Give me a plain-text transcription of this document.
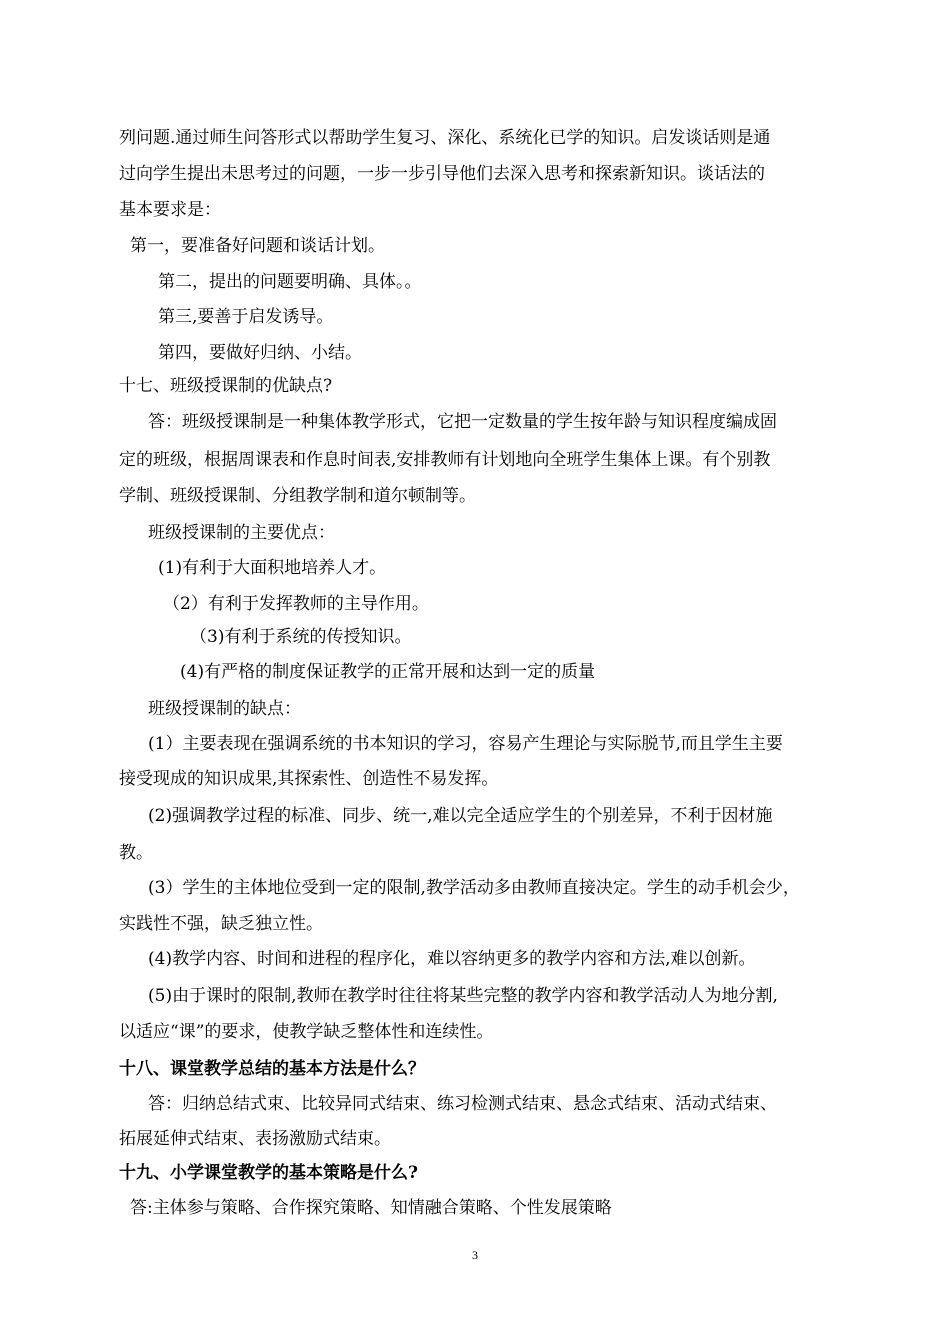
列问题.通过师生问答形式以帮助学生复习、深化、系统化已学的知识。启发谈话则是通
过向学生提出未思考过的问题，一步一步引导他们去深入思考和探索新知识。谈话法的
基本要求是：
第一，要准备好问题和谈话计划。
第二，提出的问题要明确、具体。。
第三,要善于启发诱导。
第四，要做好归纳、小结。
十七、班级授课制的优缺点?
答：班级授课制是一种集体教学形式，它把一定数量的学生按年龄与知识程度编成固
定的班级，根据周课表和作息时间表,安排教师有计划地向全班学生集体上课。有个别教
学制、班级授课制、分组教学制和道尔顿制等。
班级授课制的主要优点：
(1)有利于大面积地培养人才。
（2）有利于发挥教师的主导作用。
（3)有利于系统的传授知识。
(4)有严格的制度保证教学的正常开展和达到一定的质量
班级授课制的缺点：
(1）主要表现在强调系统的书本知识的学习，容易产生理论与实际脱节,而且学生主要
接受现成的知识成果,其探索性、创造性不易发挥。
(2)强调教学过程的标准、同步、统一,难以完全适应学生的个别差异，不利于因材施
教。
(3）学生的主体地位受到一定的限制,教学活动多由教师直接决定。学生的动手机会少，
实践性不强，缺乏独立性。
(4)教学内容、时间和进程的程序化，难以容纳更多的教学内容和方法,难以创新。
(5)由于课时的限制,教师在教学时往往将某些完整的教学内容和教学活动人为地分割,
以适应“课”的要求，使教学缺乏整体性和连续性。
十八、课堂教学总结的基本方法是什么？
答：归纳总结式束、比较异同式结束、练习检测式结束、悬念式结束、活动式结束、
拓展延伸式结束、表扬激励式结束。
十九、小学课堂教学的基本策略是什么?
答:主体参与策略、合作探究策略、知情融合策略、个性发展策略
3
